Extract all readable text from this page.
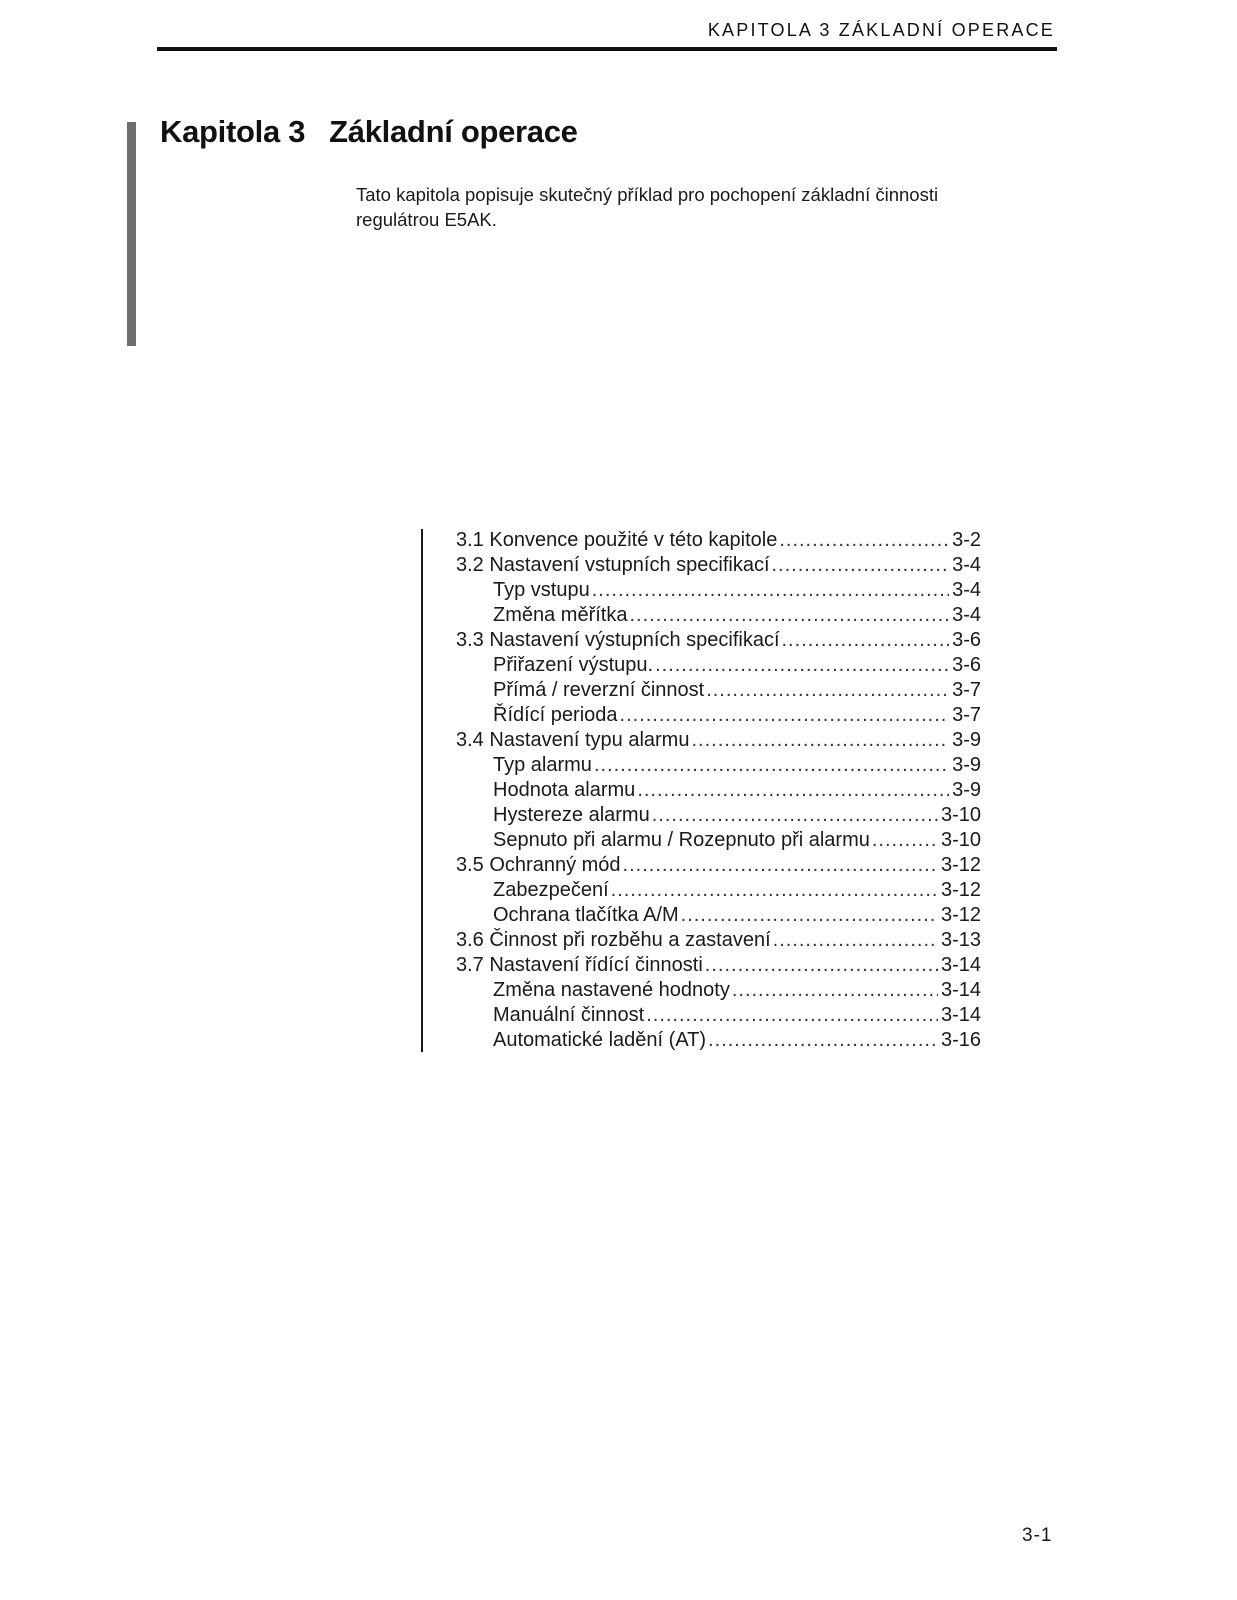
KAPITOLA 3 ZÁKLADNÍ OPERACE
Kapitola 3 Základní operace

Tato kapitola popisuje skutečný příklad pro pochopení základní činnosti regulátrou E5AK.

3.1 Konvence použité v této kapitole .....	3-2
3.2 Nastavení vstupních specifikací .....	3-4
Typ vstupu .....	3-4
Změna měřítka .....	3-4
3.3 Nastavení výstupních specifikací .....	3-6
Přiřazení výstupu. .....	3-6
Přímá / reverzní činnost .....	3-7
Řídící perioda .....	3-7
3.4 Nastavení typu alarmu .....	3-9
Typ alarmu .....	3-9
Hodnota alarmu .....	3-9
Hystereze alarmu .....	3-10
Sepnuto při alarmu / Rozepnuto při alarmu .....	3-10
3.5 Ochranný mód .....	3-12
Zabezpečení .....	3-12
Ochrana tlačítka A/M .....	3-12
3.6 Činnost při rozběhu a zastavení .....	3-13
3.7 Nastavení řídící činnosti .....	3-14
Změna nastavené hodnoty .....	3-14
Manuální činnost .....	3-14
Automatické ladění (AT) .....	3-16
3-1
